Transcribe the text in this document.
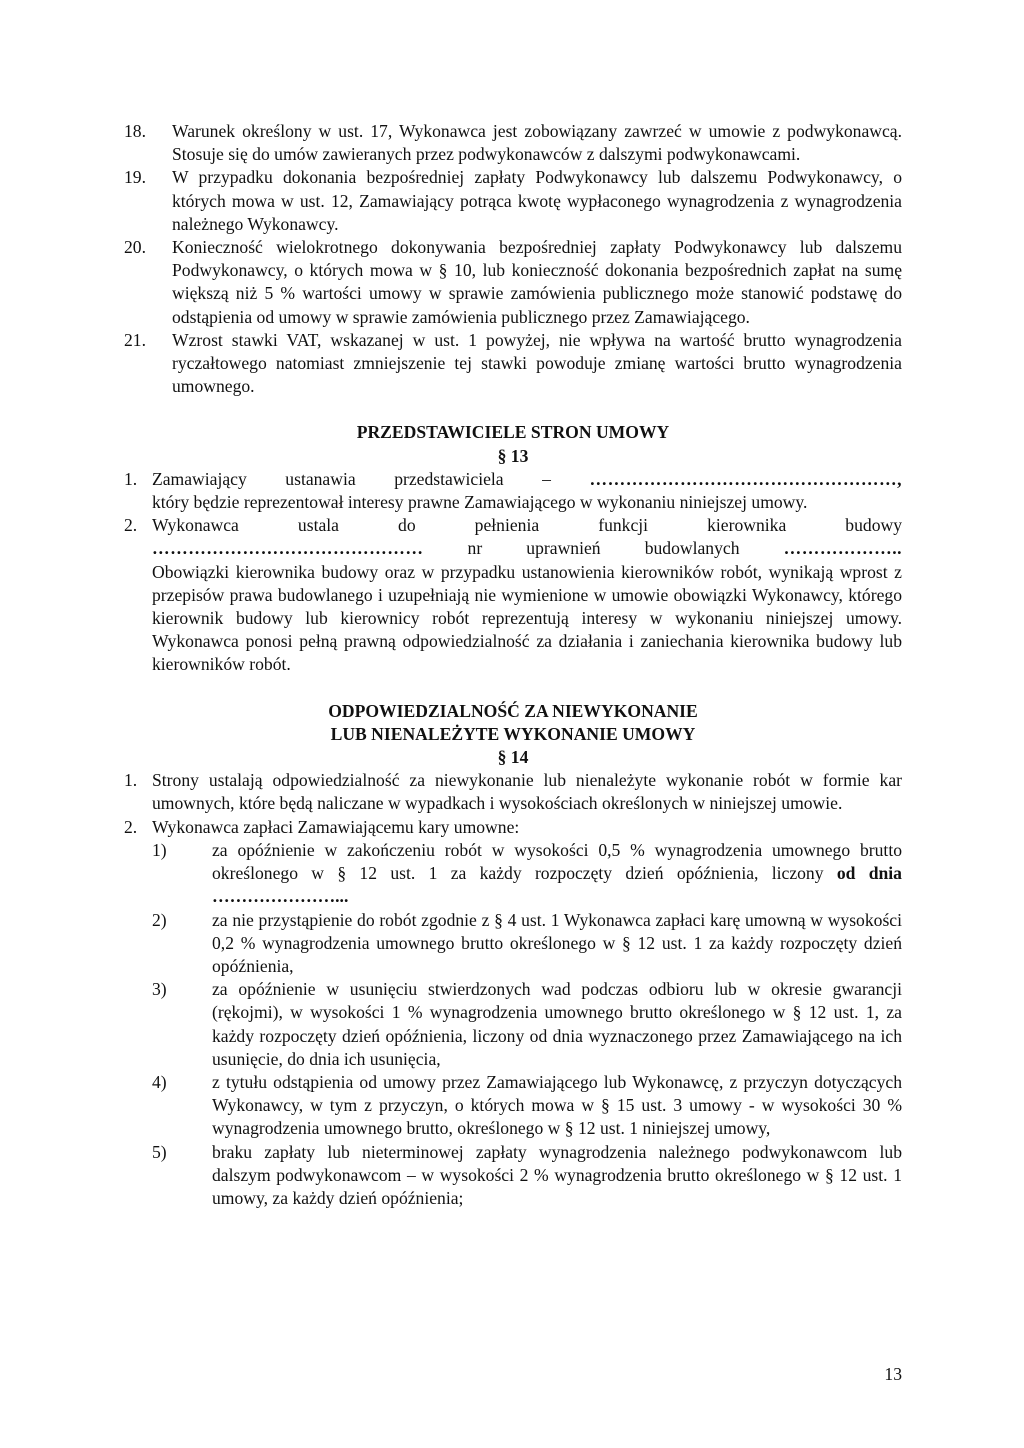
18. Warunek określony w ust. 17, Wykonawca jest zobowiązany zawrzeć w umowie z podwykonawcą. Stosuje się do umów zawieranych przez podwykonawców z dalszymi podwykonawcami.
19. W przypadku dokonania bezpośredniej zapłaty Podwykonawcy lub dalszemu Podwykonawcy, o których mowa w ust. 12, Zamawiający potrąca kwotę wypłaconego wynagrodzenia z wynagrodzenia należnego Wykonawcy.
20. Konieczność wielokrotnego dokonywania bezpośredniej zapłaty Podwykonawcy lub dalszemu Podwykonawcy, o których mowa w § 10, lub konieczność dokonania bezpośrednich zapłat na sumę większą niż 5 % wartości umowy w sprawie zamówienia publicznego może stanowić podstawę do odstąpienia od umowy w sprawie zamówienia publicznego przez Zamawiającego.
21. Wzrost stawki VAT, wskazanej w ust. 1 powyżej, nie wpływa na wartość brutto wynagrodzenia ryczałtowego natomiast zmniejszenie tej stawki powoduje zmianę wartości brutto wynagrodzenia umownego.
PRZEDSTAWICIELE STRON UMOWY
§ 13
1. Zamawiający ustanawia przedstawiciela – ……………………………………………,
który będzie reprezentował interesy prawne Zamawiającego w wykonaniu niniejszej umowy.
2. Wykonawca ustala do pełnienia funkcji kierownika budowy
………………………………………	nr uprawnień budowlanych	………………..
Obowiązki kierownika budowy oraz w przypadku ustanowienia kierowników robót, wynikają wprost z przepisów prawa budowlanego i uzupełniają nie wymienione w umowie obowiązki Wykonawcy, którego kierownik budowy lub kierownicy robót reprezentują interesy w wykonaniu niniejszej umowy. Wykonawca ponosi pełną prawną odpowiedzialność za działania i zaniechania kierownika budowy lub kierowników robót.
ODPOWIEDZIALNOŚĆ ZA NIEWYKONANIE
LUB NIENALEŻYTE WYKONANIE UMOWY
§ 14
1. Strony ustalają odpowiedzialność za niewykonanie lub nienależyte wykonanie robót w formie kar umownych, które będą naliczane w wypadkach i wysokościach określonych w niniejszej umowie.
2. Wykonawca zapłaci Zamawiającemu kary umowne:
1)	za opóźnienie w zakończeniu robót w wysokości 0,5 % wynagrodzenia umownego brutto określonego w § 12 ust. 1 za każdy rozpoczęty dzień opóźnienia, liczony od dnia …………………...
2)	za nie przystąpienie do robót zgodnie z § 4 ust. 1 Wykonawca zapłaci karę umowną w wysokości 0,2 % wynagrodzenia umownego brutto określonego w § 12 ust. 1 za każdy rozpoczęty dzień opóźnienia,
3)	za opóźnienie w usunięciu stwierdzonych wad podczas odbioru lub w okresie gwarancji (rękojmi), w wysokości 1 % wynagrodzenia umownego brutto określonego w § 12 ust. 1, za każdy rozpoczęty dzień opóźnienia, liczony od dnia wyznaczonego przez Zamawiającego na ich usunięcie, do dnia ich usunięcia,
4)	z tytułu odstąpienia od umowy przez Zamawiającego lub Wykonawcę, z przyczyn dotyczących Wykonawcy, w tym z przyczyn, o których mowa w § 15 ust. 3 umowy - w wysokości 30 % wynagrodzenia umownego brutto, określonego w § 12 ust. 1 niniejszej umowy,
5)	braku zapłaty lub nieterminowej zapłaty wynagrodzenia należnego podwykonawcom lub dalszym podwykonawcom – w wysokości 2 % wynagrodzenia brutto określonego w § 12 ust. 1 umowy, za każdy dzień opóźnienia;
13
